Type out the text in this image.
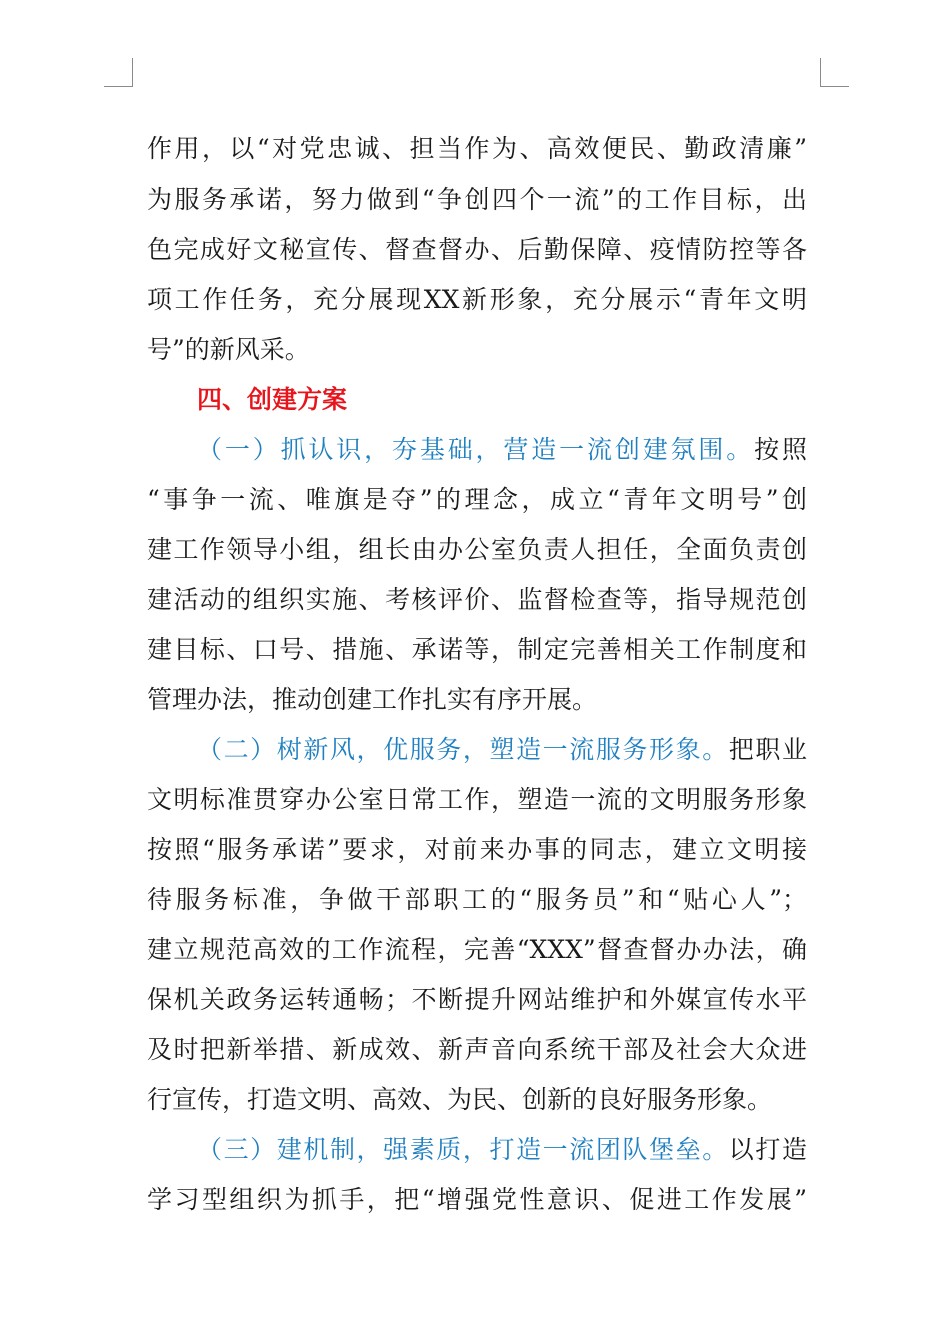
作用，以“对党忠诚、担当作为、高效便民、勤政清廉”
为服务承诺，努力做到“争创四个一流”的工作目标，出
色完成好文秘宣传、督查督办、后勤保障、疫情防控等各
项工作任务，充分展现XX新形象，充分展示“青年文明
号”的新风采。
四、创建方案
（一）抓认识，夯基础，营造一流创建氛围。按照
“事争一流、唯旗是夺”的理念，成立“青年文明号”创
建工作领导小组，组长由办公室负责人担任，全面负责创
建活动的组织实施、考核评价、监督检查等，指导规范创
建目标、口号、措施、承诺等，制定完善相关工作制度和
管理办法，推动创建工作扎实有序开展。
（二）树新风，优服务，塑造一流服务形象。把职业
文明标准贯穿办公室日常工作，塑造一流的文明服务形象
按照“服务承诺”要求，对前来办事的同志，建立文明接
待服务标准，争做干部职工的“服务员”和“贴心人”；
建立规范高效的工作流程，完善“XXX”督查督办办法，确
保机关政务运转通畅；不断提升网站维护和外媒宣传水平
及时把新举措、新成效、新声音向系统干部及社会大众进
行宣传，打造文明、高效、为民、创新的良好服务形象。
（三）建机制，强素质，打造一流团队堡垒。以打造
学习型组织为抓手，把“增强党性意识、促进工作发展”
